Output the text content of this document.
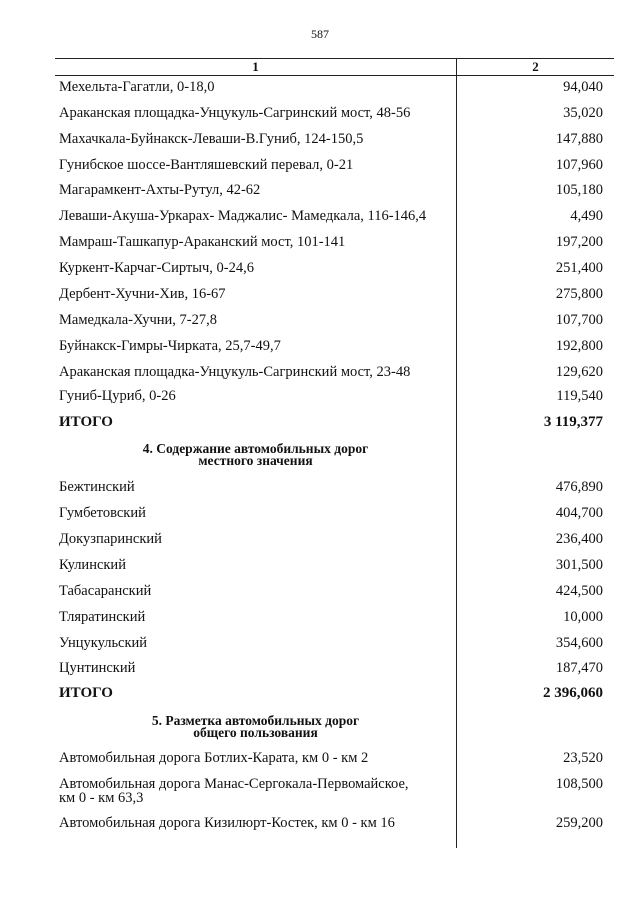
587
1	2
Мехельта-Гагатли, 0-18,0	94,040
Араканская площадка-Унцукуль-Сагринский мост, 48-56	35,020
Махачкала-Буйнакск-Леваши-В.Гуниб, 124-150,5	147,880
Гунибское шоссе-Вантляшевский перевал, 0-21	107,960
Магарамкент-Ахты-Рутул, 42-62	105,180
Леваши-Акуша-Уркарах- Маджалис- Мамедкала, 116-146,4	4,490
Мамраш-Ташкапур-Араканский мост, 101-141	197,200
Куркент-Карчаг-Сиртыч, 0-24,6	251,400
Дербент-Хучни-Хив, 16-67	275,800
Мамедкала-Хучни, 7-27,8	107,700
Буйнакск-Гимры-Чирката, 25,7-49,7	192,800
Араканская площадка-Унцукуль-Сагринский мост, 23-48	129,620
Гуниб-Цуриб, 0-26	119,540
ИТОГО	3 119,377
4. Содержание автомобильных дорог
местного значения
Бежтинский	476,890
Гумбетовский	404,700
Докузпаринский	236,400
Кулинский	301,500
Табасаранский	424,500
Тляратинский	10,000
Унцукульский	354,600
Цунтинский	187,470
ИТОГО	2 396,060
5. Разметка автомобильных дорог
общего пользования
Автомобильная дорога Ботлих-Карата, км 0 - км 2	23,520
Автомобильная дорога Манас-Сергокала-Первомайское,	108,500
км 0 - км 63,3
Автомобильная дорога Кизилюрт-Костек, км 0 - км 16	259,200
